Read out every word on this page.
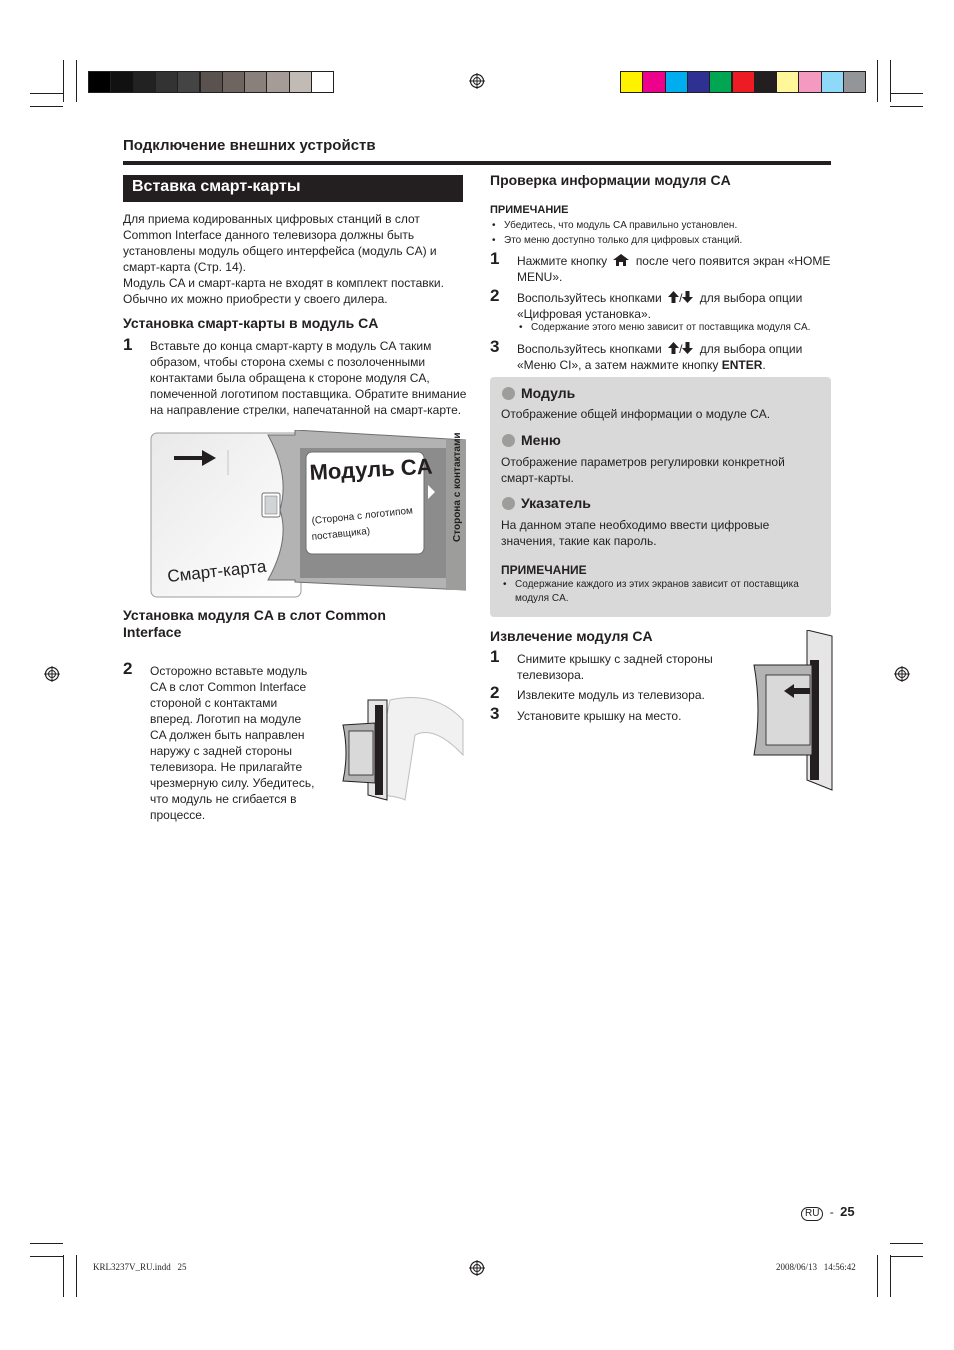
Подключение внешних устройств
Вставка смарт-карты
Для приема кодированных цифровых станций в слот
Common Interface данного телевизора должны быть
установлены модуль общего интерфейса (модуль CA) и
смарт-карта (Стр. 14).
Модуль CA и смарт-карта не входят в комплект поставки.
Обычно их можно приобрести у своего дилера.
Установка смарт-карты в модуль CA
1 Вставьте до конца смарт-карту в модуль CA таким
образом, чтобы сторона схемы с позолоченными
контактами была обращена к стороне модуля CA,
помеченной логотипом поставщика. Обратите внимание
на направление стрелки, напечатанной на смарт-карте.
Модуль CA
(Сторона с логотипом
поставщика)	Сторона с контактами
Смарт-карта
Установка модуля CA в слот Common
Interface
2 Осторожно вставьте модуль
CA в слот Common Interface
стороной с контактами
вперед. Логотип на модуле
CA должен быть направлен
наружу с задней стороны
телевизора. Не прилагайте
чрезмерную силу. Убедитесь,
что модуль не сгибается в
процессе.
Проверка информации модуля CA
ПРИМЕЧАНИЕ
• Убедитесь, что модуль CA правильно установлен.
• Это меню доступно только для цифровых станций.
1 Нажмите кнопку после чего появится экран «HOME
MENU».
2 Воспользуйтесь кнопками / для выбора опции
«Цифровая установка».
• Содержание этого меню зависит от поставщика модуля CA.
3 Воспользуйтесь кнопками / для выбора опции
«Меню CI», а затем нажмите кнопку ENTER.
Модуль
Отображение общей информации о модуле CA.
Меню
Отображение параметров регулировки конкретной
смарт-карты.
Указатель
На данном этапе необходимо ввести цифровые
значения, такие как пароль.
ПРИМЕЧАНИЕ
• Содержание каждого из этих экранов зависит от поставщика
модуля CA.
Извлечение модуля CA
1 Снимите крышку с задней стороны
телевизора.
2 Извлеките модуль из телевизора.
3 Установите крышку на место.
RU - 25
KRL3237V_RU.indd   25	2008/06/13   14:56:42
